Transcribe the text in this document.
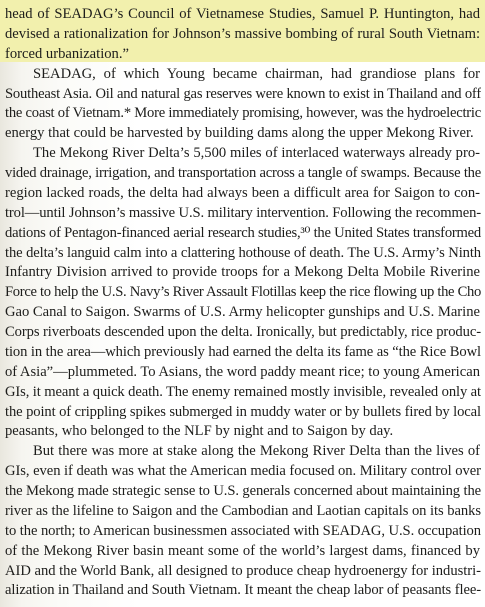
head of SEADAG’s Council of Vietnamese Studies, Samuel P. Huntington, had
devised a rationalization for Johnson’s massive bombing of rural South Vietnam:
forced urbanization.”
SEADAG, of which Young became chairman, had grandiose plans for
Southeast Asia. Oil and natural gas reserves were known to exist in Thailand and off
the coast of Vietnam.* More immediately promising, however, was the hydroelectric
energy that could be harvested by building dams along the upper Mekong River.
The Mekong River Delta’s 5,500 miles of interlaced waterways already pro-
vided drainage, irrigation, and transportation across a tangle of swamps. Because the
region lacked roads, the delta had always been a difficult area for Saigon to con-
trol—until Johnson’s massive U.S. military intervention. Following the recommen-
dations of Pentagon-financed aerial research studies,³⁰ the United States transformed
the delta’s languid calm into a clattering hothouse of death. The U.S. Army’s Ninth
Infantry Division arrived to provide troops for a Mekong Delta Mobile Riverine
Force to help the U.S. Navy’s River Assault Flotillas keep the rice flowing up the Cho
Gao Canal to Saigon. Swarms of U.S. Army helicopter gunships and U.S. Marine
Corps riverboats descended upon the delta. Ironically, but predictably, rice produc-
tion in the area—which previously had earned the delta its fame as “the Rice Bowl
of Asia”—plummeted. To Asians, the word paddy meant rice; to young American
GIs, it meant a quick death. The enemy remained mostly invisible, revealed only at
the point of crippling spikes submerged in muddy water or by bullets fired by local
peasants, who belonged to the NLF by night and to Saigon by day.
But there was more at stake along the Mekong River Delta than the lives of
GIs, even if death was what the American media focused on. Military control over
the Mekong made strategic sense to U.S. generals concerned about maintaining the
river as the lifeline to Saigon and the Cambodian and Laotian capitals on its banks
to the north; to American businessmen associated with SEADAG, U.S. occupation
of the Mekong River basin meant some of the world’s largest dams, financed by
AID and the World Bank, all designed to produce cheap hydroenergy for industri-
alization in Thailand and South Vietnam. It meant the cheap labor of peasants flee-
